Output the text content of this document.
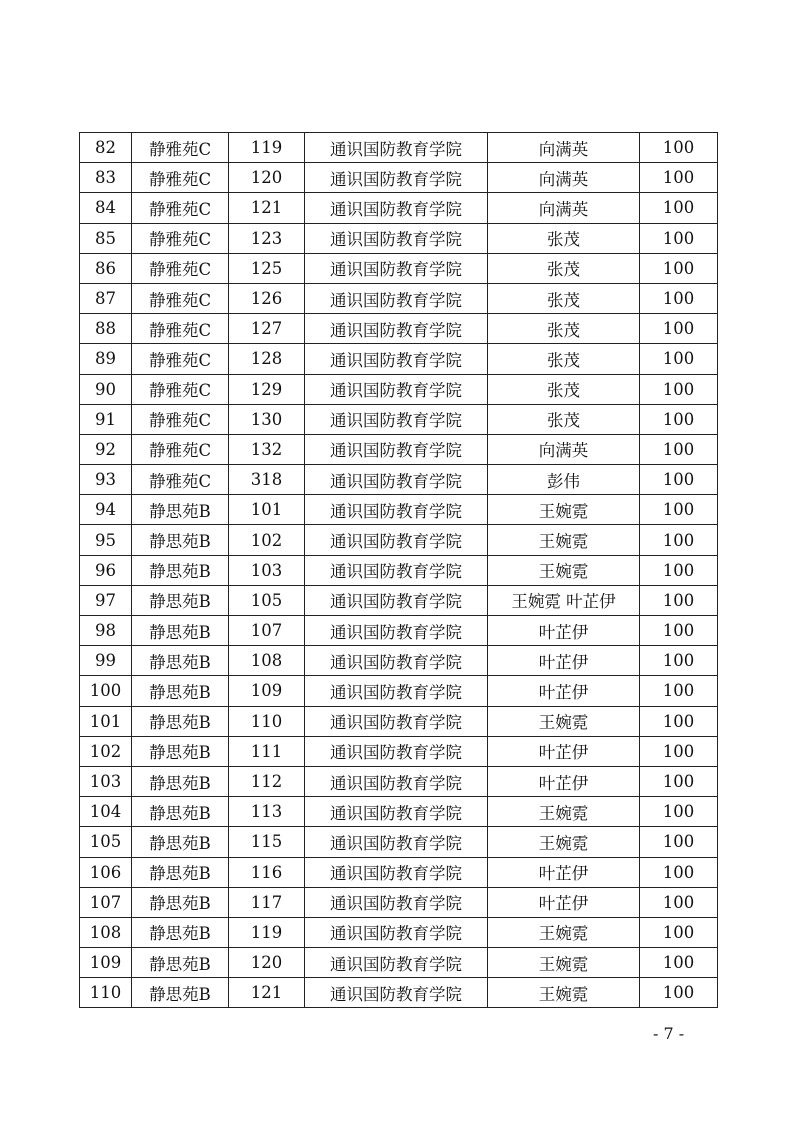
82	静雅苑C	119	通识国防教育学院	向满英	100
83	静雅苑C	120	通识国防教育学院	向满英	100
84	静雅苑C	121	通识国防教育学院	向满英	100
85	静雅苑C	123	通识国防教育学院	张茂	100
86	静雅苑C	125	通识国防教育学院	张茂	100
87	静雅苑C	126	通识国防教育学院	张茂	100
88	静雅苑C	127	通识国防教育学院	张茂	100
89	静雅苑C	128	通识国防教育学院	张茂	100
90	静雅苑C	129	通识国防教育学院	张茂	100
91	静雅苑C	130	通识国防教育学院	张茂	100
92	静雅苑C	132	通识国防教育学院	向满英	100
93	静雅苑C	318	通识国防教育学院	彭伟	100
94	静思苑B	101	通识国防教育学院	王婉霓	100
95	静思苑B	102	通识国防教育学院	王婉霓	100
96	静思苑B	103	通识国防教育学院	王婉霓	100
97	静思苑B	105	通识国防教育学院	王婉霓 叶芷伊	100
98	静思苑B	107	通识国防教育学院	叶芷伊	100
99	静思苑B	108	通识国防教育学院	叶芷伊	100
100	静思苑B	109	通识国防教育学院	叶芷伊	100
101	静思苑B	110	通识国防教育学院	王婉霓	100
102	静思苑B	111	通识国防教育学院	叶芷伊	100
103	静思苑B	112	通识国防教育学院	叶芷伊	100
104	静思苑B	113	通识国防教育学院	王婉霓	100
105	静思苑B	115	通识国防教育学院	王婉霓	100
106	静思苑B	116	通识国防教育学院	叶芷伊	100
107	静思苑B	117	通识国防教育学院	叶芷伊	100
108	静思苑B	119	通识国防教育学院	王婉霓	100
109	静思苑B	120	通识国防教育学院	王婉霓	100
110	静思苑B	121	通识国防教育学院	王婉霓	100
- 7 -
